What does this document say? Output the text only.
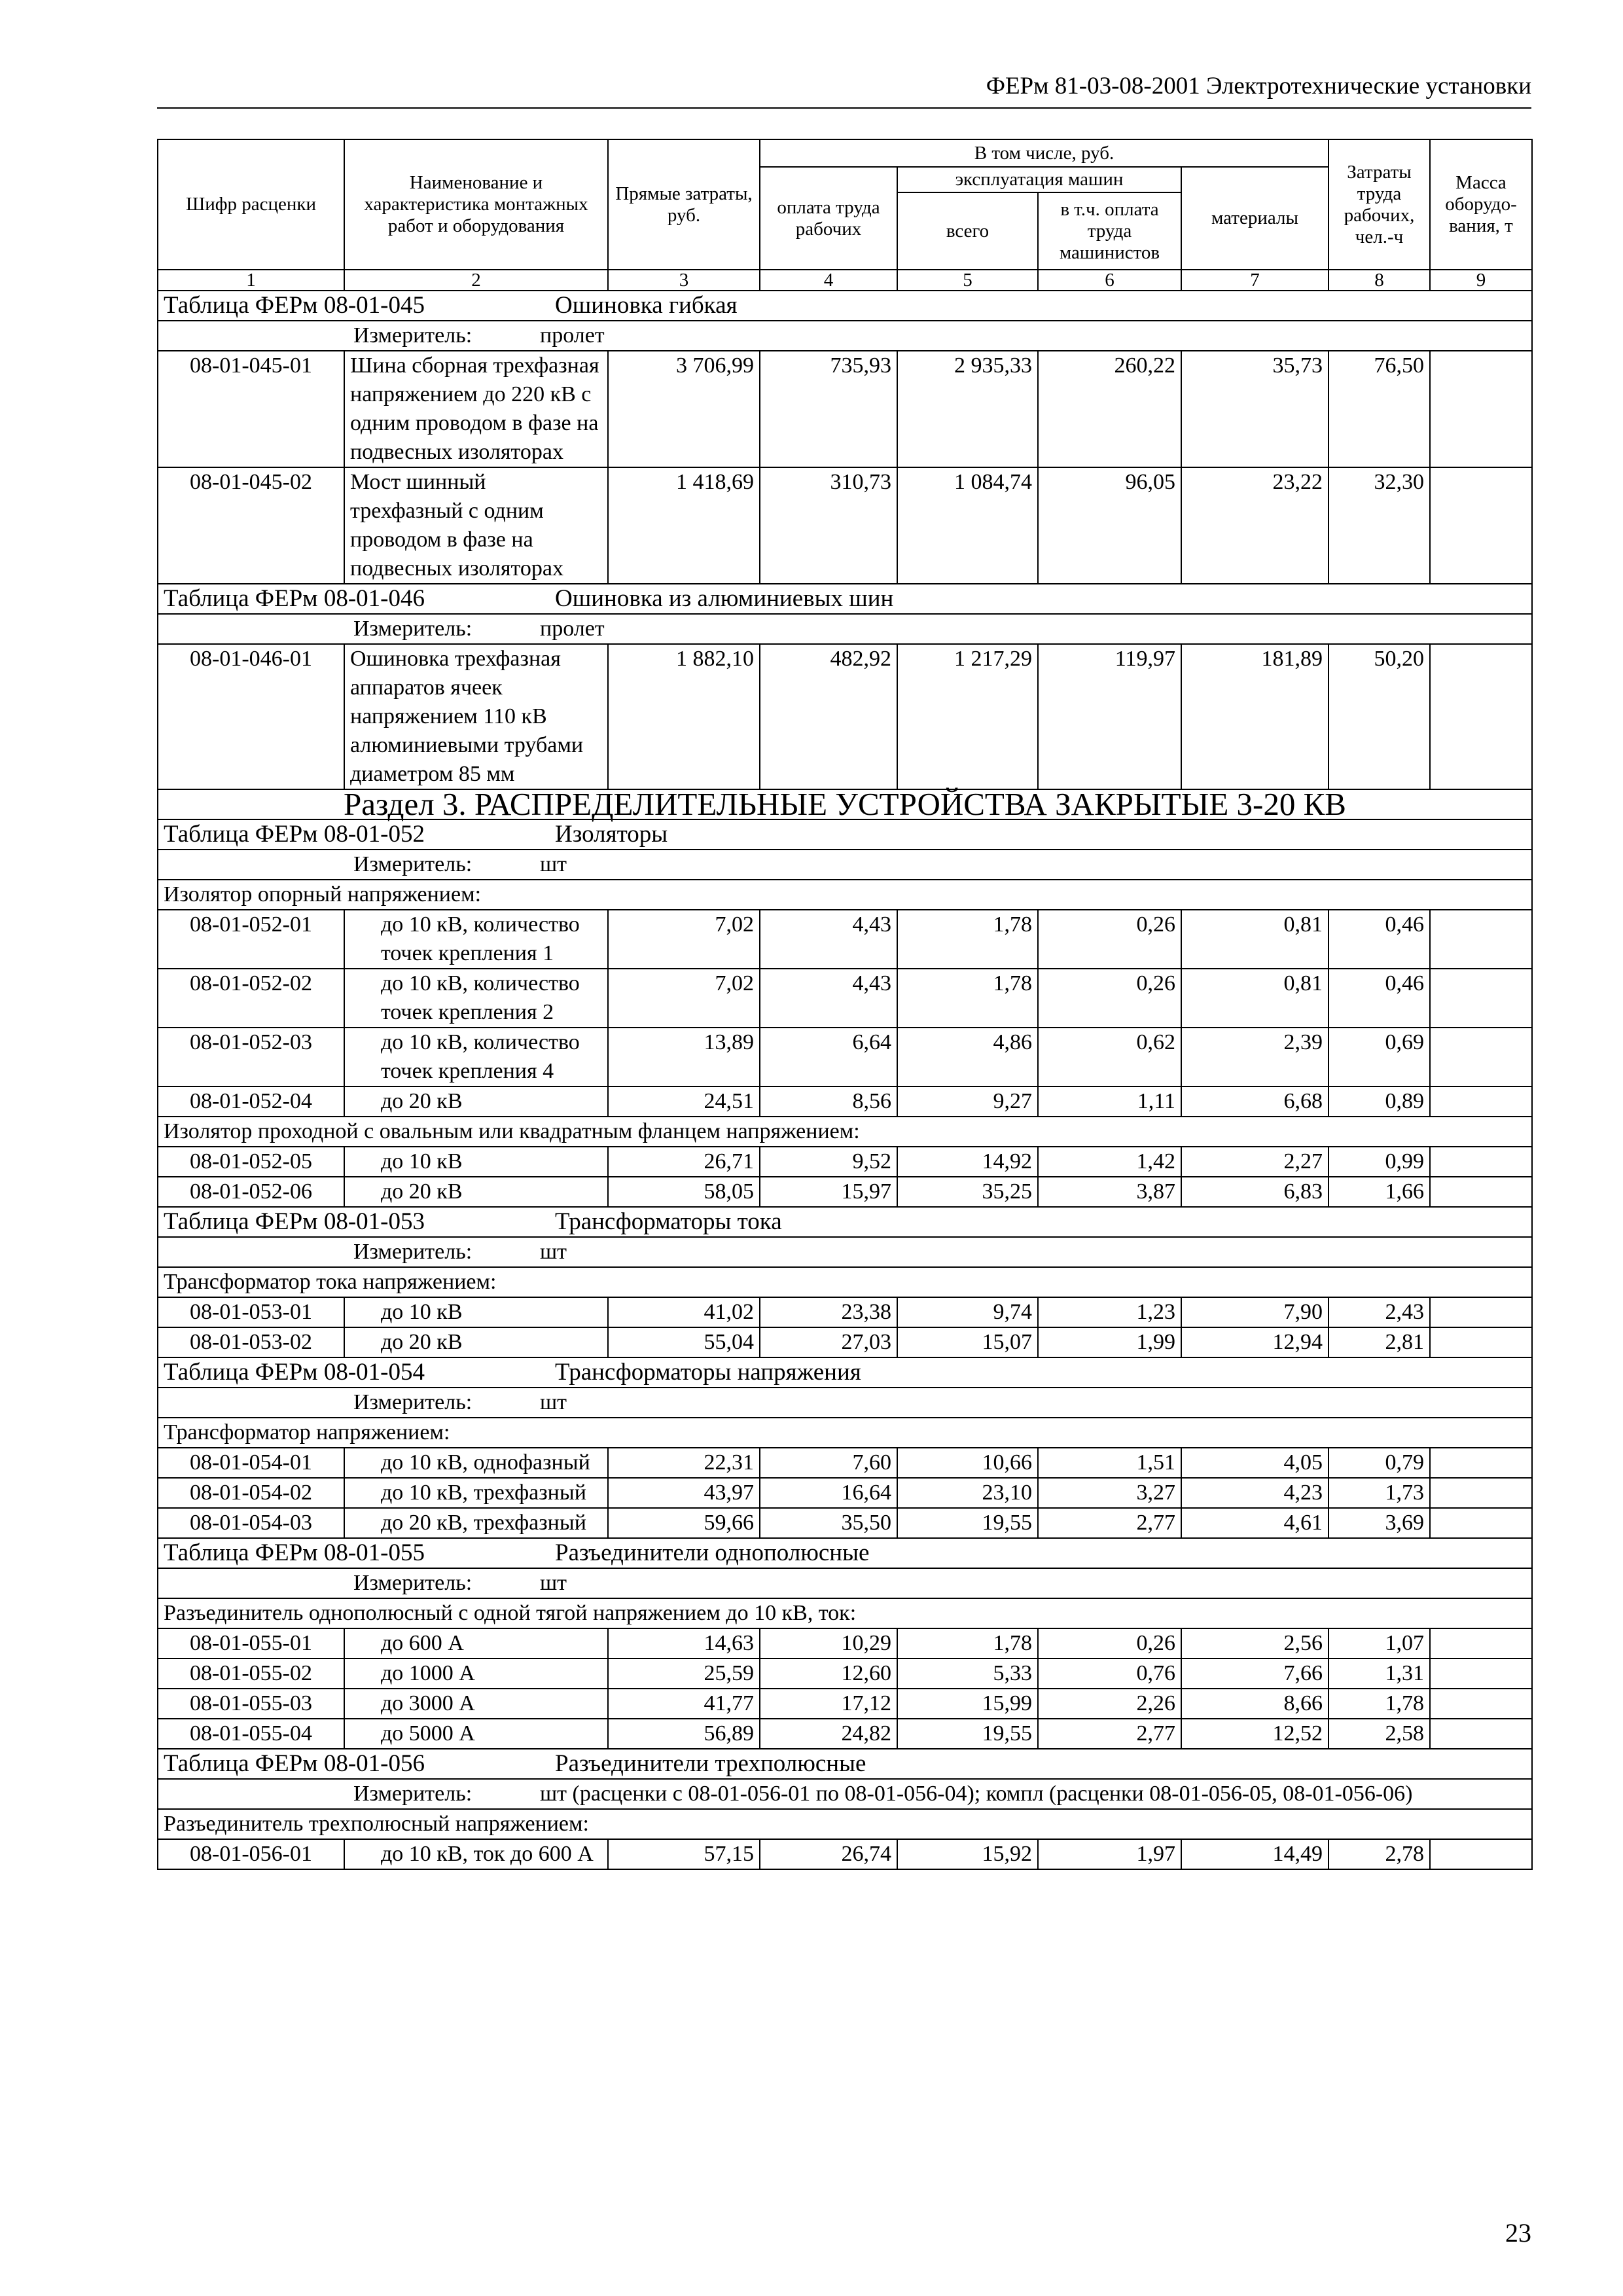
ФЕРм 81-03-08-2001 Электротехнические установки
Шифр расценки	Наименование и характеристика монтажных работ и оборудования	Прямые затраты, руб.	В том числе, руб.				Затраты труда рабочих, чел.-ч	Масса оборудо-вания, т
			оплата труда рабочих	эксплуатация машин		материалы		
				всего	в т.ч. оплата труда машинистов			
1	2	3	4	5	6	7	8	9
Таблица ФЕРм 08-01-045 Ошиновка гибкая								
Измеритель: пролет								
08-01-045-01	Шина сборная трехфазная напряжением до 220 кВ с одним проводом в фазе на подвесных изоляторах	3 706,99	735,93	2 935,33	260,22	35,73	76,50	
08-01-045-02	Мост шинный трехфазный с одним проводом в фазе на подвесных изоляторах	1 418,69	310,73	1 084,74	96,05	23,22	32,30	
Таблица ФЕРм 08-01-046 Ошиновка из алюминиевых шин								
Измеритель: пролет								
08-01-046-01	Ошиновка трехфазная аппаратов ячеек напряжением 110 кВ алюминиевыми трубами диаметром 85 мм	1 882,10	482,92	1 217,29	119,97	181,89	50,20	
Раздел 3. РАСПРЕДЕЛИТЕЛЬНЫЕ УСТРОЙСТВА ЗАКРЫТЫЕ 3-20 КВ								
Таблица ФЕРм 08-01-052 Изоляторы								
Измеритель: шт								
Изолятор опорный напряжением:								
08-01-052-01	до 10 кВ, количество точек крепления 1	7,02	4,43	1,78	0,26	0,81	0,46	
08-01-052-02	до 10 кВ, количество точек крепления 2	7,02	4,43	1,78	0,26	0,81	0,46	
08-01-052-03	до 10 кВ, количество точек крепления 4	13,89	6,64	4,86	0,62	2,39	0,69	
08-01-052-04	до 20 кВ	24,51	8,56	9,27	1,11	6,68	0,89	
Изолятор проходной с овальным или квадратным фланцем напряжением:								
08-01-052-05	до 10 кВ	26,71	9,52	14,92	1,42	2,27	0,99	
08-01-052-06	до 20 кВ	58,05	15,97	35,25	3,87	6,83	1,66	
Таблица ФЕРм 08-01-053 Трансформаторы тока								
Измеритель: шт								
Трансформатор тока напряжением:								
08-01-053-01	до 10 кВ	41,02	23,38	9,74	1,23	7,90	2,43	
08-01-053-02	до 20 кВ	55,04	27,03	15,07	1,99	12,94	2,81	
Таблица ФЕРм 08-01-054 Трансформаторы напряжения								
Измеритель: шт								
Трансформатор напряжением:								
08-01-054-01	до 10 кВ, однофазный	22,31	7,60	10,66	1,51	4,05	0,79	
08-01-054-02	до 10 кВ, трехфазный	43,97	16,64	23,10	3,27	4,23	1,73	
08-01-054-03	до 20 кВ, трехфазный	59,66	35,50	19,55	2,77	4,61	3,69	
Таблица ФЕРм 08-01-055 Разъединители однополюсные								
Измеритель: шт								
Разъединитель однополюсный с одной тягой напряжением до 10 кВ, ток:								
08-01-055-01	до 600 А	14,63	10,29	1,78	0,26	2,56	1,07	
08-01-055-02	до 1000 А	25,59	12,60	5,33	0,76	7,66	1,31	
08-01-055-03	до 3000 А	41,77	17,12	15,99	2,26	8,66	1,78	
08-01-055-04	до 5000 А	56,89	24,82	19,55	2,77	12,52	2,58	
Таблица ФЕРм 08-01-056 Разъединители трехполюсные								
Измеритель: шт (расценки с 08-01-056-01 по 08-01-056-04); компл (расценки 08-01-056-05, 08-01-056-06)								
Разъединитель трехполюсный напряжением:								
08-01-056-01	до 10 кВ, ток до 600 А	57,15	26,74	15,92	1,97	14,49	2,78	
23
